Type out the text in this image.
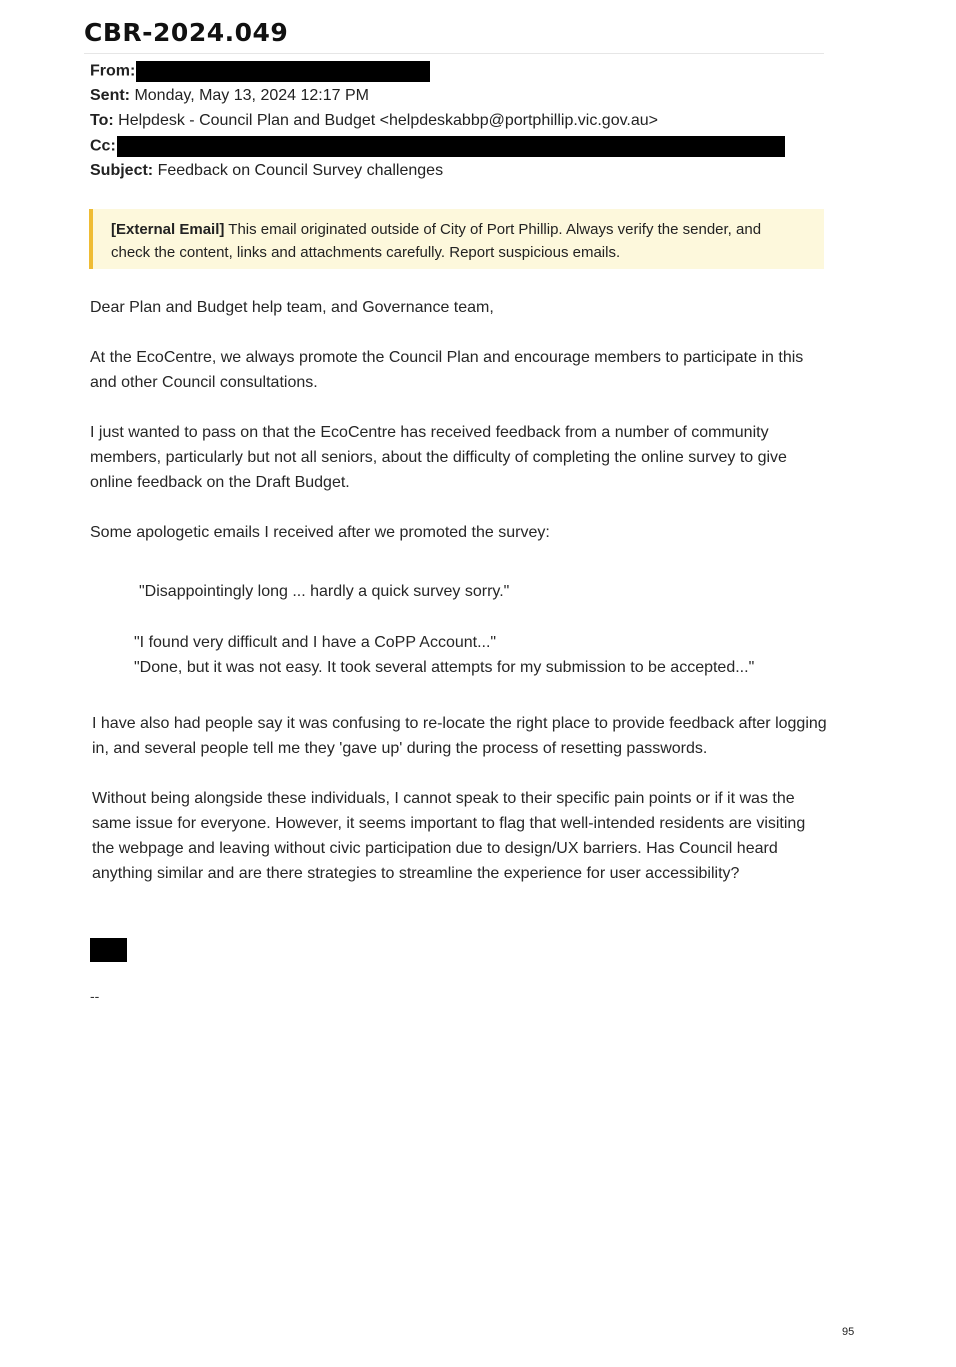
CBR-2024.049
From:
Sent: Monday, May 13, 2024 12:17 PM
To: Helpdesk - Council Plan and Budget <helpdeskabbp@portphillip.vic.gov.au>
Cc:
Subject: Feedback on Council Survey challenges
[External Email] This email originated outside of City of Port Phillip. Always verify the sender, and check the content, links and attachments carefully. Report suspicious emails.
Dear Plan and Budget help team, and Governance team,
At the EcoCentre, we always promote the Council Plan and encourage members to participate in this and other Council consultations.
I just wanted to pass on that the EcoCentre has received feedback from a number of community members, particularly but not all seniors, about the difficulty of completing the online survey to give online feedback on the Draft Budget.
Some apologetic emails I received after we promoted the survey:
"Disappointingly long ... hardly a quick survey sorry."
"I found very difficult and I have a CoPP Account..."
"Done, but it was not easy. It took several attempts for my submission to be accepted..."
I have also had people say it was confusing to re-locate the right place to provide feedback after logging in, and several people tell me they 'gave up' during the process of resetting passwords.
Without being alongside these individuals, I cannot speak to their specific pain points or if it was the same issue for everyone. However, it seems important to flag that well-intended residents are visiting the webpage and leaving without civic participation due to design/UX barriers. Has Council heard anything similar and are there strategies to streamline the experience for user accessibility?
--
95
